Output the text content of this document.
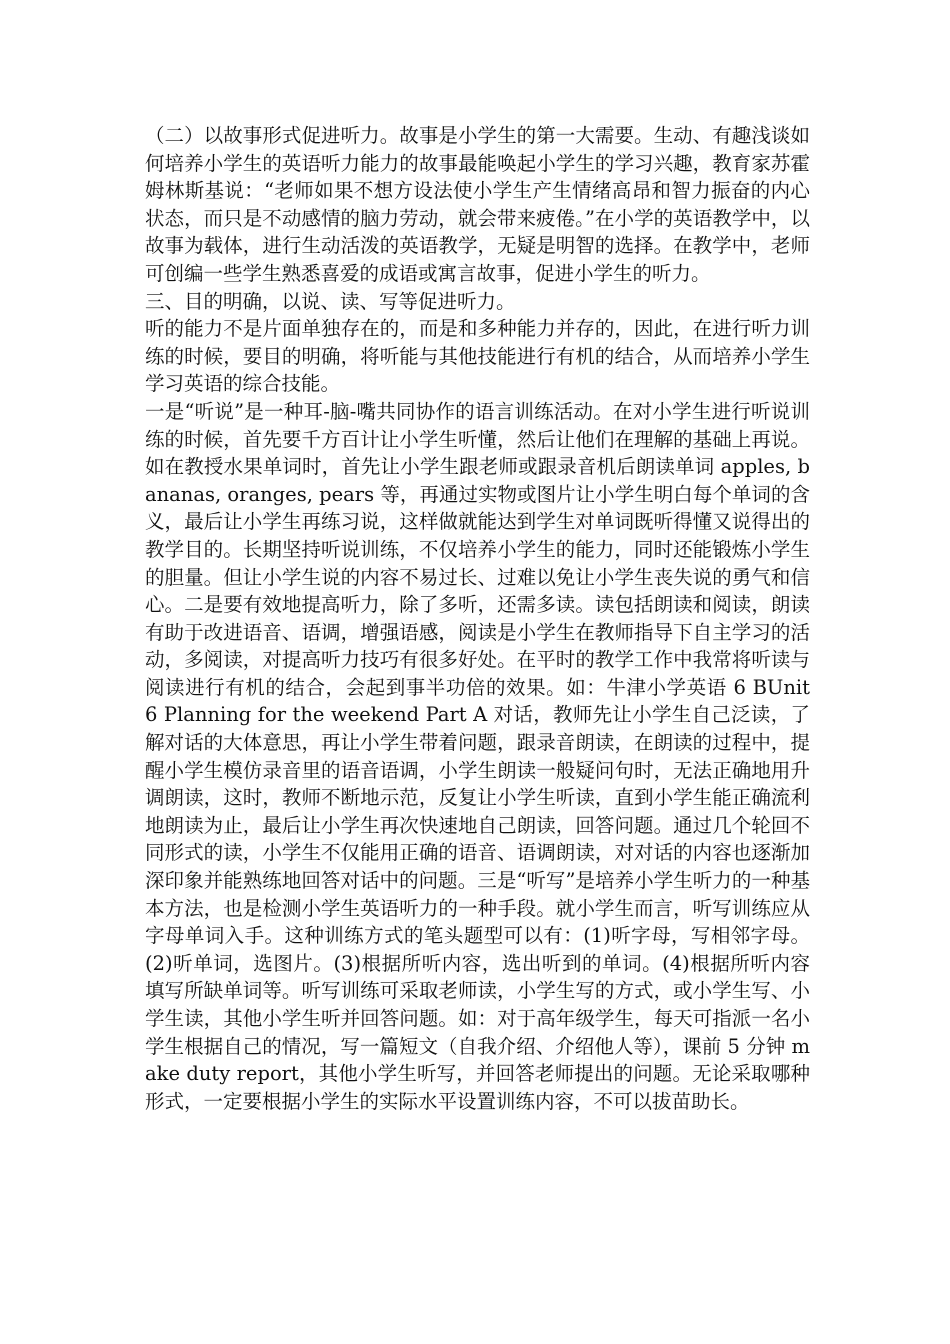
（二）以故事形式促进听力。故事是小学生的第一大需要。生动、有趣浅谈如何培养小学生的英语听力能力的故事最能唤起小学生的学习兴趣，教育家苏霍姆林斯基说：“老师如果不想方设法使小学生产生情绪高昂和智力振奋的内心状态，而只是不动感情的脑力劳动，就会带来疲倦。”在小学的英语教学中，以故事为载体，进行生动活泼的英语教学，无疑是明智的选择。在教学中，老师可创编一些学生熟悉喜爱的成语或寓言故事，促进小学生的听力。

三、目的明确，以说、读、写等促进听力。

听的能力不是片面单独存在的，而是和多种能力并存的，因此，在进行听力训练的时候，要目的明确，将听能与其他技能进行有机的结合，从而培养小学生学习英语的综合技能。

一是“听说”是一种耳-脑-嘴共同协作的语言训练活动。在对小学生进行听说训练的时候，首先要千方百计让小学生听懂，然后让他们在理解的基础上再说。如在教授水果单词时，首先让小学生跟老师或跟录音机后朗读单词 apples, bananas, oranges, pears 等，再通过实物或图片让小学生明白每个单词的含义，最后让小学生再练习说，这样做就能达到学生对单词既听得懂又说得出的教学目的。长期坚持听说训练，不仅培养小学生的能力，同时还能锻炼小学生的胆量。但让小学生说的内容不易过长、过难以免让小学生丧失说的勇气和信心。二是要有效地提高听力，除了多听，还需多读。读包括朗读和阅读，朗读有助于改进语音、语调，增强语感，阅读是小学生在教师指导下自主学习的活动，多阅读，对提高听力技巧有很多好处。在平时的教学工作中我常将听读与阅读进行有机的结合，会起到事半功倍的效果。如：牛津小学英语 6 BUnit 6 Planning for the weekend Part A 对话，教师先让小学生自己泛读，了解对话的大体意思，再让小学生带着问题，跟录音朗读，在朗读的过程中，提醒小学生模仿录音里的语音语调，小学生朗读一般疑问句时，无法正确地用升调朗读，这时，教师不断地示范，反复让小学生听读，直到小学生能正确流利地朗读为止，最后让小学生再次快速地自己朗读，回答问题。通过几个轮回不同形式的读，小学生不仅能用正确的语音、语调朗读，对对话的内容也逐渐加深印象并能熟练地回答对话中的问题。三是“听写”是培养小学生听力的一种基本方法，也是检测小学生英语听力的一种手段。就小学生而言，听写训练应从字母单词入手。这种训练方式的笔头题型可以有：(1)听字母，写相邻字母。(2)听单词，选图片。(3)根据所听内容，选出听到的单词。(4)根据所听内容填写所缺单词等。听写训练可采取老师读，小学生写的方式，或小学生写、小学生读，其他小学生听并回答问题。如：对于高年级学生，每天可指派一名小学生根据自己的情况，写一篇短文（自我介绍、介绍他人等），课前 5 分钟 make duty report，其他小学生听写，并回答老师提出的问题。无论采取哪种形式，一定要根据小学生的实际水平设置训练内容，不可以拔苗助长。
